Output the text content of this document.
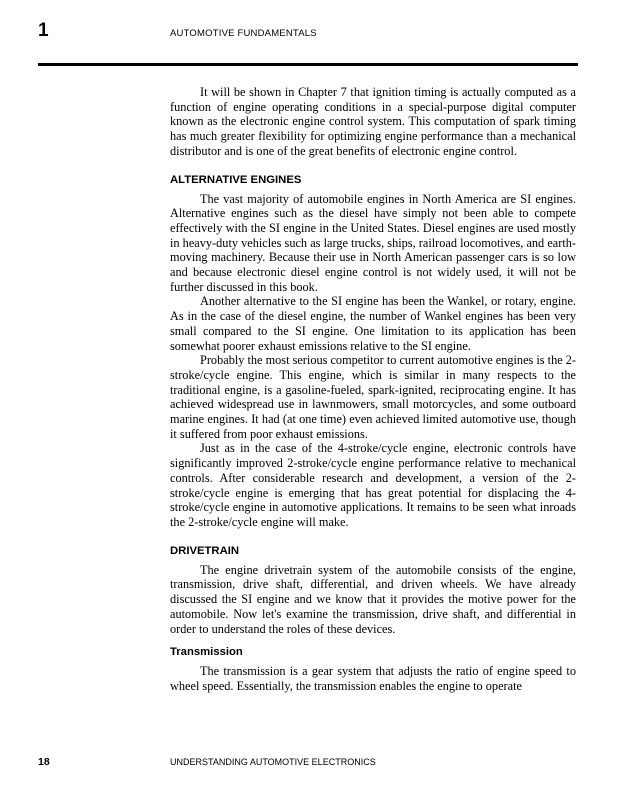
1	AUTOMOTIVE FUNDAMENTALS

It will be shown in Chapter 7 that ignition timing is actually computed as a function of engine operating conditions in a special-purpose digital computer known as the electronic engine control system. This computation of spark timing has much greater flexibility for optimizing engine performance than a mechanical distributor and is one of the great benefits of electronic engine control.

ALTERNATIVE ENGINES

The vast majority of automobile engines in North America are SI engines. Alternative engines such as the diesel have simply not been able to compete effectively with the SI engine in the United States. Diesel engines are used mostly in heavy-duty vehicles such as large trucks, ships, railroad locomotives, and earth-moving machinery. Because their use in North American passenger cars is so low and because electronic diesel engine control is not widely used, it will not be further discussed in this book.

Another alternative to the SI engine has been the Wankel, or rotary, engine. As in the case of the diesel engine, the number of Wankel engines has been very small compared to the SI engine. One limitation to its application has been somewhat poorer exhaust emissions relative to the SI engine.

Probably the most serious competitor to current automotive engines is the 2-stroke/cycle engine. This engine, which is similar in many respects to the traditional engine, is a gasoline-fueled, spark-ignited, reciprocating engine. It has achieved widespread use in lawnmowers, small motorcycles, and some outboard marine engines. It had (at one time) even achieved limited automotive use, though it suffered from poor exhaust emissions.

Just as in the case of the 4-stroke/cycle engine, electronic controls have significantly improved 2-stroke/cycle engine performance relative to mechanical controls. After considerable research and development, a version of the 2-stroke/cycle engine is emerging that has great potential for displacing the 4-stroke/cycle engine in automotive applications. It remains to be seen what inroads the 2-stroke/cycle engine will make.

DRIVETRAIN

The engine drivetrain system of the automobile consists of the engine, transmission, drive shaft, differential, and driven wheels. We have already discussed the SI engine and we know that it provides the motive power for the automobile. Now let's examine the transmission, drive shaft, and differential in order to understand the roles of these devices.

Transmission

The transmission is a gear system that adjusts the ratio of engine speed to wheel speed. Essentially, the transmission enables the engine to operate

18	UNDERSTANDING AUTOMOTIVE ELECTRONICS
